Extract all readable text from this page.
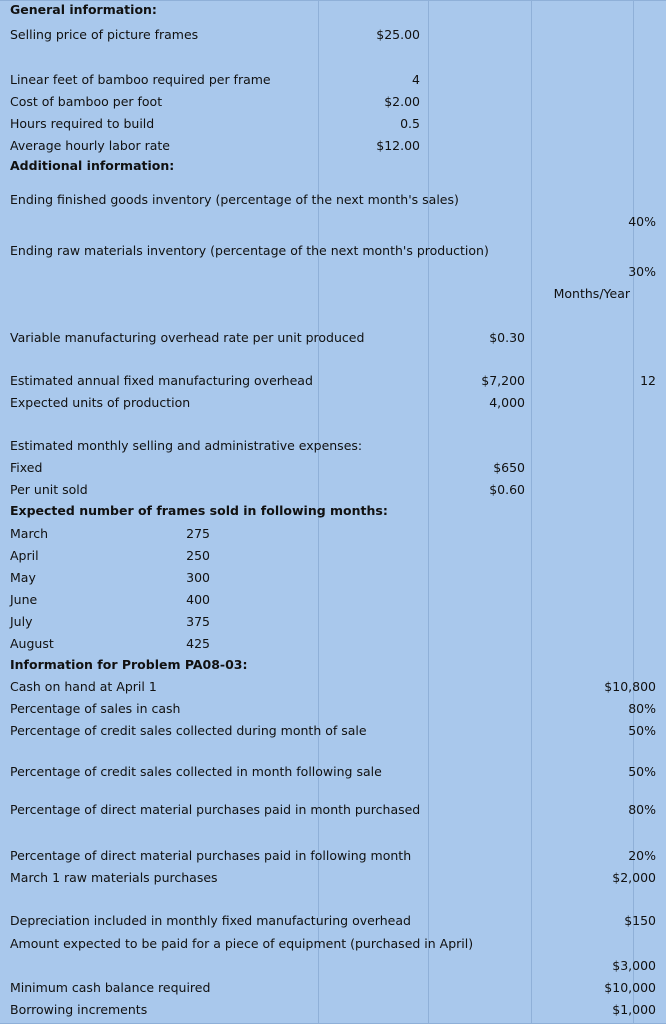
General information:
Selling price of picture frames	$25.00
Linear feet of bamboo required per frame	4
Cost of bamboo per foot	$2.00
Hours required to build	0.5
Average hourly labor rate	$12.00
Additional information:
Ending finished goods inventory (percentage of the next month's sales)
40%
Ending raw materials inventory (percentage of the next month's production)
30%
Months/Year
Variable manufacturing overhead rate per unit produced	$0.30
Estimated annual fixed manufacturing overhead	$7,200	12
Expected units of production	4,000
Estimated monthly selling and administrative expenses:
Fixed	$650
Per unit sold	$0.60
Expected number of frames sold in following months:
March	275
April	250
May	300
June	400
July	375
August	425
Information for Problem PA08-03:
Cash on hand at April 1	$10,800
Percentage of sales in cash	80%
Percentage of credit sales collected during month of sale	50%
Percentage of credit sales collected in month following sale	50%
Percentage of direct material purchases paid in month purchased	80%
Percentage of direct material purchases paid in following month	20%
March 1 raw materials purchases	$2,000
Depreciation included in monthly fixed manufacturing overhead	$150
Amount expected to be paid for a piece of equipment (purchased in April)
$3,000
Minimum cash balance required	$10,000
Borrowing increments	$1,000
